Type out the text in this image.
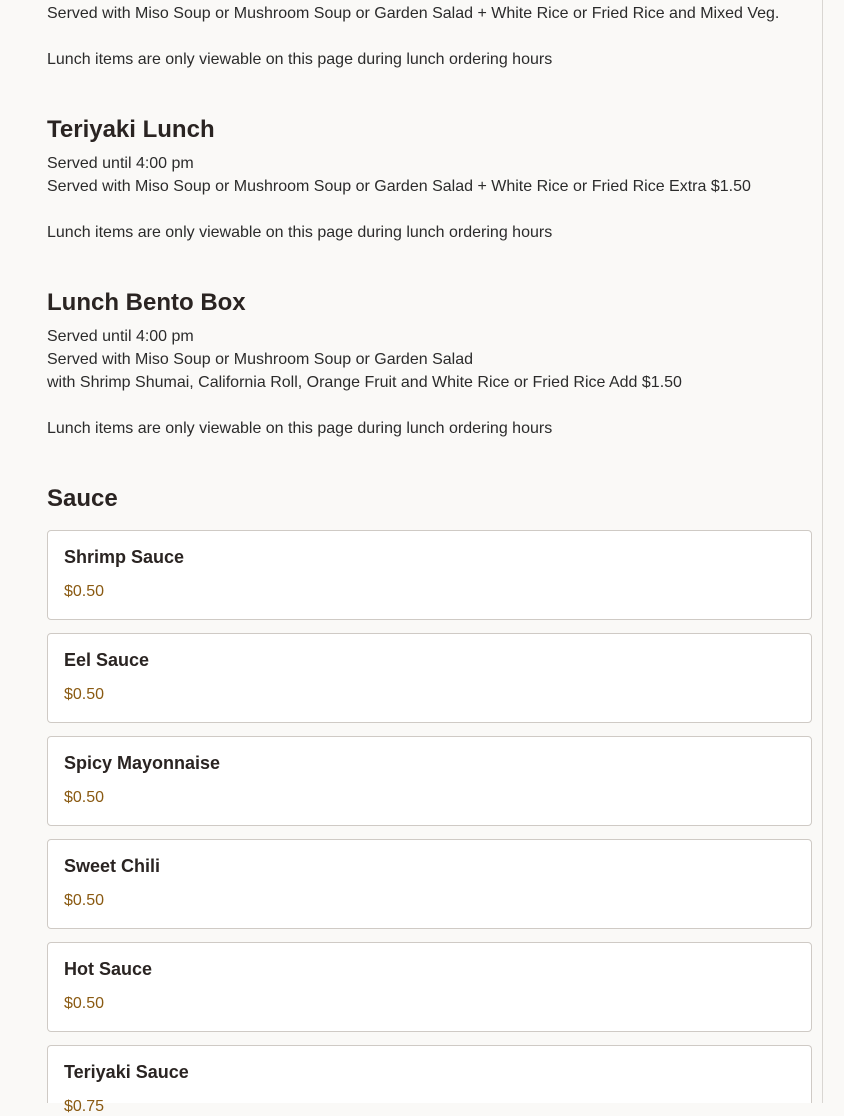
Served with Miso Soup or Mushroom Soup or Garden Salad + White Rice or Fried Rice and Mixed Veg.
Lunch items are only viewable on this page during lunch ordering hours
Teriyaki Lunch
Served until 4:00 pm
Served with Miso Soup or Mushroom Soup or Garden Salad + White Rice or Fried Rice Extra $1.50
Lunch items are only viewable on this page during lunch ordering hours
Lunch Bento Box
Served until 4:00 pm
Served with Miso Soup or Mushroom Soup or Garden Salad
with Shrimp Shumai, California Roll, Orange Fruit and White Rice or Fried Rice Add $1.50
Lunch items are only viewable on this page during lunch ordering hours
Sauce
Shrimp Sauce
$0.50
Eel Sauce
$0.50
Spicy Mayonnaise
$0.50
Sweet Chili
$0.50
Hot Sauce
$0.50
Teriyaki Sauce
$0.75
